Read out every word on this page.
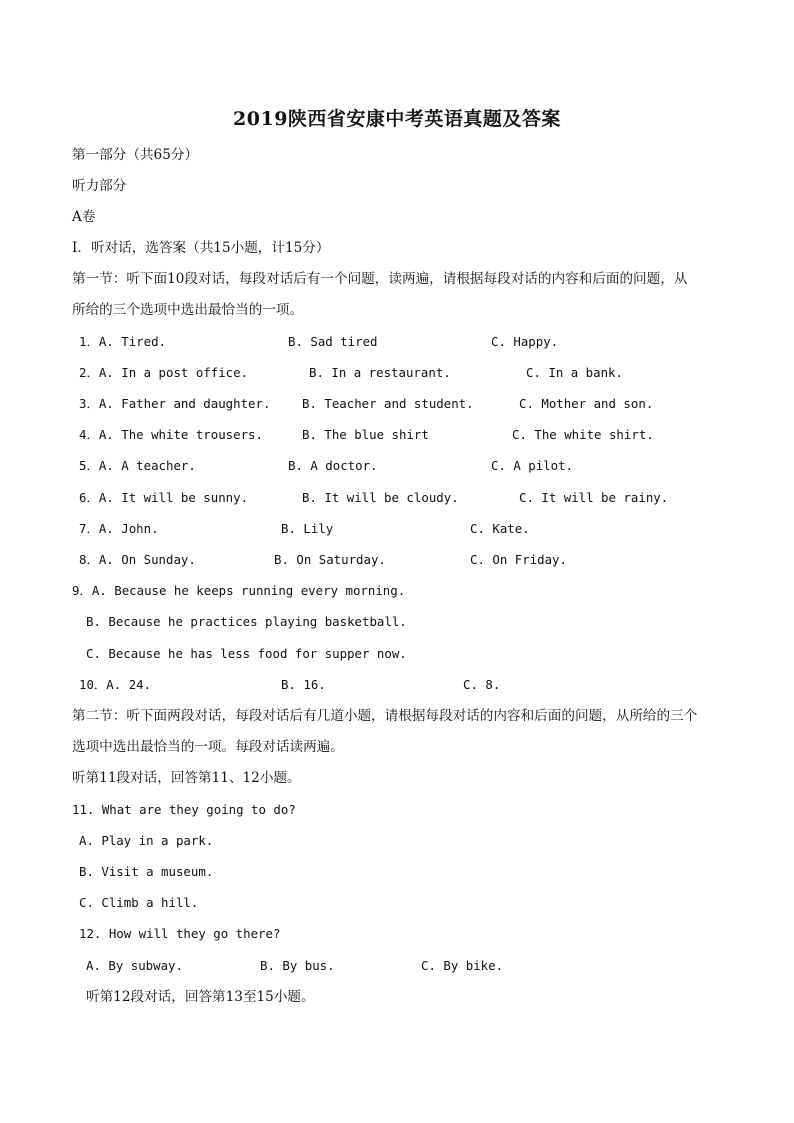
2019陕西省安康中考英语真题及答案
第一部分（共65分）
听力部分
A卷
I．听对话，选答案（共15小题，计15分）
第一节：听下面10段对话，每段对话后有一个问题，读两遍，请根据每段对话的内容和后面的问题，从
所给的三个选项中选出最恰当的一项。
1．A. Tired.	B. Sad tired	C. Happy.
2．A. In a post office.	B. In a restaurant.	C. In a bank.
3．A. Father and daughter.	B. Teacher and student.	C. Mother and son.
4．A. The white trousers.	B. The blue shirt	C. The white shirt.
5．A. A teacher.	B. A doctor.	C. A pilot.
6．A. It will be sunny.	B. It will be cloudy.	C. It will be rainy.
7．A. John.	B. Lily	C. Kate.
8．A. On Sunday.	B. On Saturday.	C. On Friday.
9．A. Because he keeps running every morning.
B. Because he practices playing basketball.
C. Because he has less food for supper now.
10．A. 24.	B. 16.	C. 8.
第二节：听下面两段对话，每段对话后有几道小题，请根据每段对话的内容和后面的问题，从所给的三个
选项中选出最恰当的一项。每段对话读两遍。
听第11段对话，回答第11、12小题。
11. What are they going to do?
A. Play in a park.
B. Visit a museum.
C. Climb a hill.
12. How will they go there?
A. By subway.	B. By bus.	C. By bike.
听第12段对话，回答第13至15小题。
